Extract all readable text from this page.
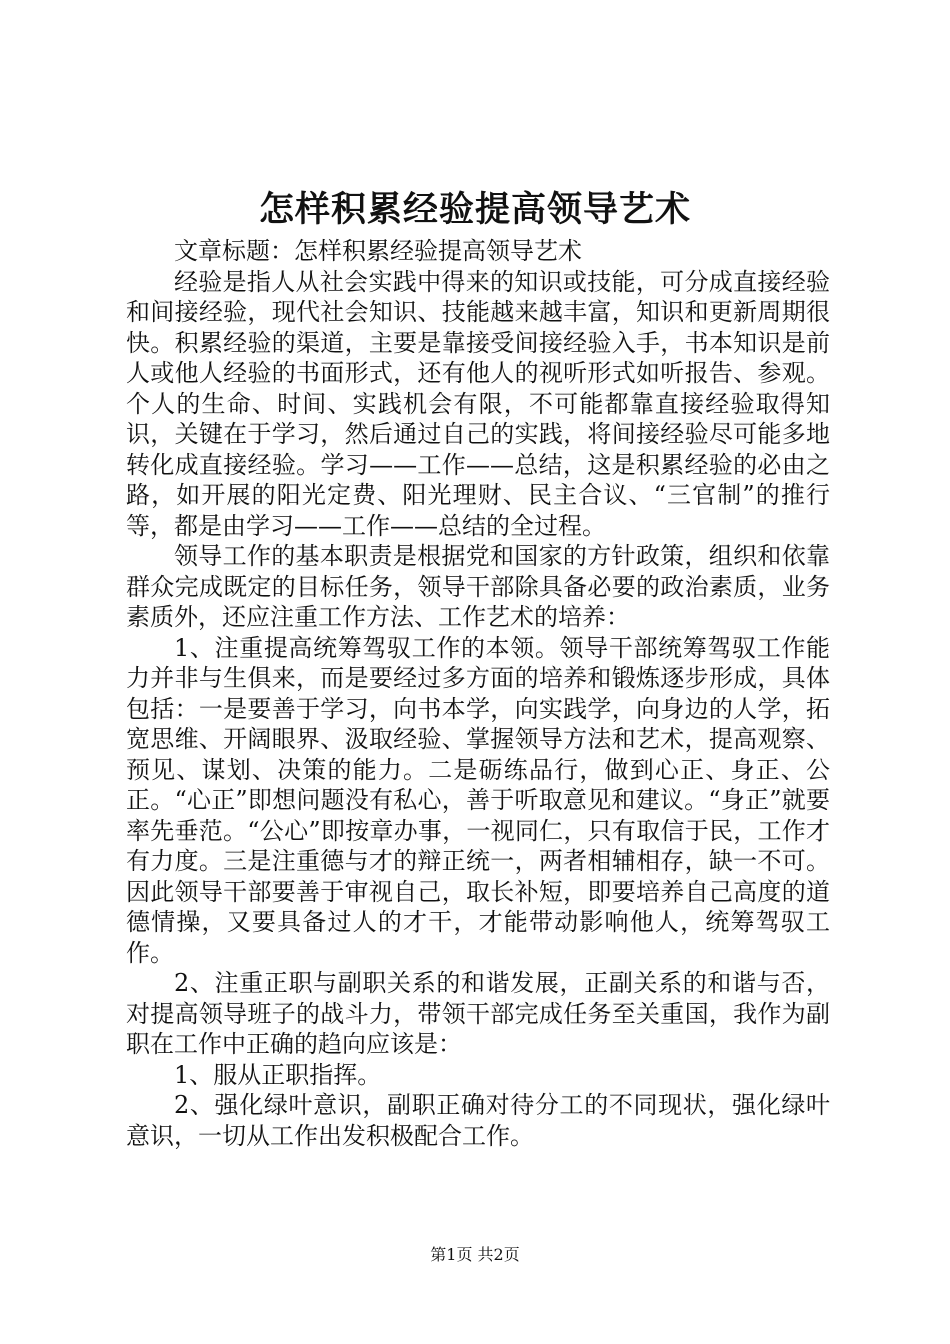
怎样积累经验提高领导艺术

文章标题：怎样积累经验提高领导艺术

经验是指人从社会实践中得来的知识或技能，可分成直接经验和间接经验，现代社会知识、技能越来越丰富，知识和更新周期很快。积累经验的渠道，主要是靠接受间接经验入手，书本知识是前人或他人经验的书面形式，还有他人的视听形式如听报告、参观。个人的生命、时间、实践机会有限，不可能都靠直接经验取得知识，关键在于学习，然后通过自己的实践，将间接经验尽可能多地转化成直接经验。学习——工作——总结，这是积累经验的必由之路，如开展的阳光定费、阳光理财、民主合议、“三官制”的推行等，都是由学习——工作——总结的全过程。

领导工作的基本职责是根据党和国家的方针政策，组织和依靠群众完成既定的目标任务，领导干部除具备必要的政治素质，业务素质外，还应注重工作方法、工作艺术的培养：

1、注重提高统筹驾驭工作的本领。领导干部统筹驾驭工作能力并非与生俱来，而是要经过多方面的培养和锻炼逐步形成，具体包括：一是要善于学习，向书本学，向实践学，向身边的人学，拓宽思维、开阔眼界、汲取经验、掌握领导方法和艺术，提高观察、预见、谋划、决策的能力。二是砺练品行，做到心正、身正、公正。“心正”即想问题没有私心，善于听取意见和建议。“身正”就要率先垂范。“公心”即按章办事，一视同仁，只有取信于民，工作才有力度。三是注重德与才的辩正统一，两者相辅相存，缺一不可。因此领导干部要善于审视自己，取长补短，即要培养自己高度的道德情操，又要具备过人的才干，才能带动影响他人，统筹驾驭工作。

2、注重正职与副职关系的和谐发展，正副关系的和谐与否，对提高领导班子的战斗力，带领干部完成任务至关重国，我作为副职在工作中正确的趋向应该是：

1、服从正职指挥。

2、强化绿叶意识，副职正确对待分工的不同现状，强化绿叶意识，一切从工作出发积极配合工作。

第1页 共2页
